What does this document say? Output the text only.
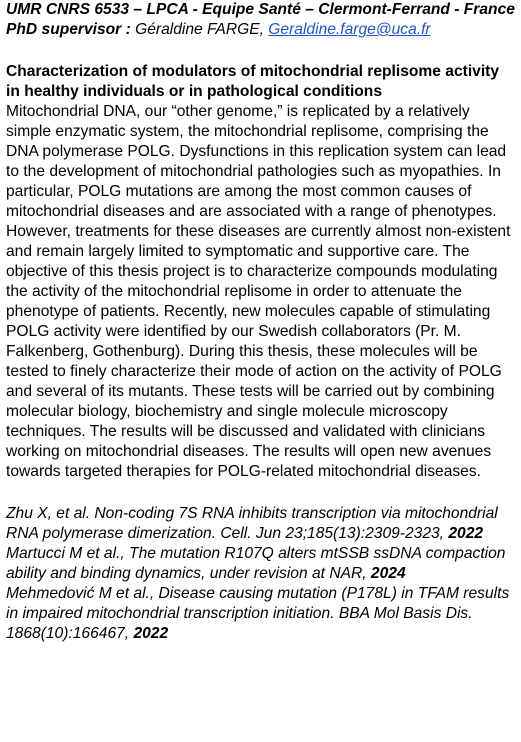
UMR CNRS 6533 – LPCA - Equipe Santé – Clermont-Ferrand - France

PhD supervisor : Géraldine FARGE, Geraldine.farge@uca.fr

Characterization of modulators of mitochondrial replisome activity in healthy individuals or in pathological conditions

Mitochondrial DNA, our “other genome,” is replicated by a relatively simple enzymatic system, the mitochondrial replisome, comprising the DNA polymerase POLG. Dysfunctions in this replication system can lead to the development of mitochondrial pathologies such as myopathies. In particular, POLG mutations are among the most common causes of mitochondrial diseases and are associated with a range of phenotypes. However, treatments for these diseases are currently almost non-existent and remain largely limited to symptomatic and supportive care. The objective of this thesis project is to characterize compounds modulating the activity of the mitochondrial replisome in order to attenuate the phenotype of patients. Recently, new molecules capable of stimulating POLG activity were identified by our Swedish collaborators (Pr. M. Falkenberg, Gothenburg). During this thesis, these molecules will be tested to finely characterize their mode of action on the activity of POLG and several of its mutants. These tests will be carried out by combining molecular biology, biochemistry and single molecule microscopy techniques. The results will be discussed and validated with clinicians working on mitochondrial diseases. The results will open new avenues towards targeted therapies for POLG-related mitochondrial diseases.

Zhu X, et al. Non-coding 7S RNA inhibits transcription via mitochondrial RNA polymerase dimerization. Cell. Jun 23;185(13):2309-2323, 2022

Martucci M et al., The mutation R107Q alters mtSSB ssDNA compaction ability and binding dynamics, under revision at NAR, 2024

Mehmedović M et al., Disease causing mutation (P178L) in TFAM results in impaired mitochondrial transcription initiation. BBA Mol Basis Dis. 1868(10):166467, 2022
